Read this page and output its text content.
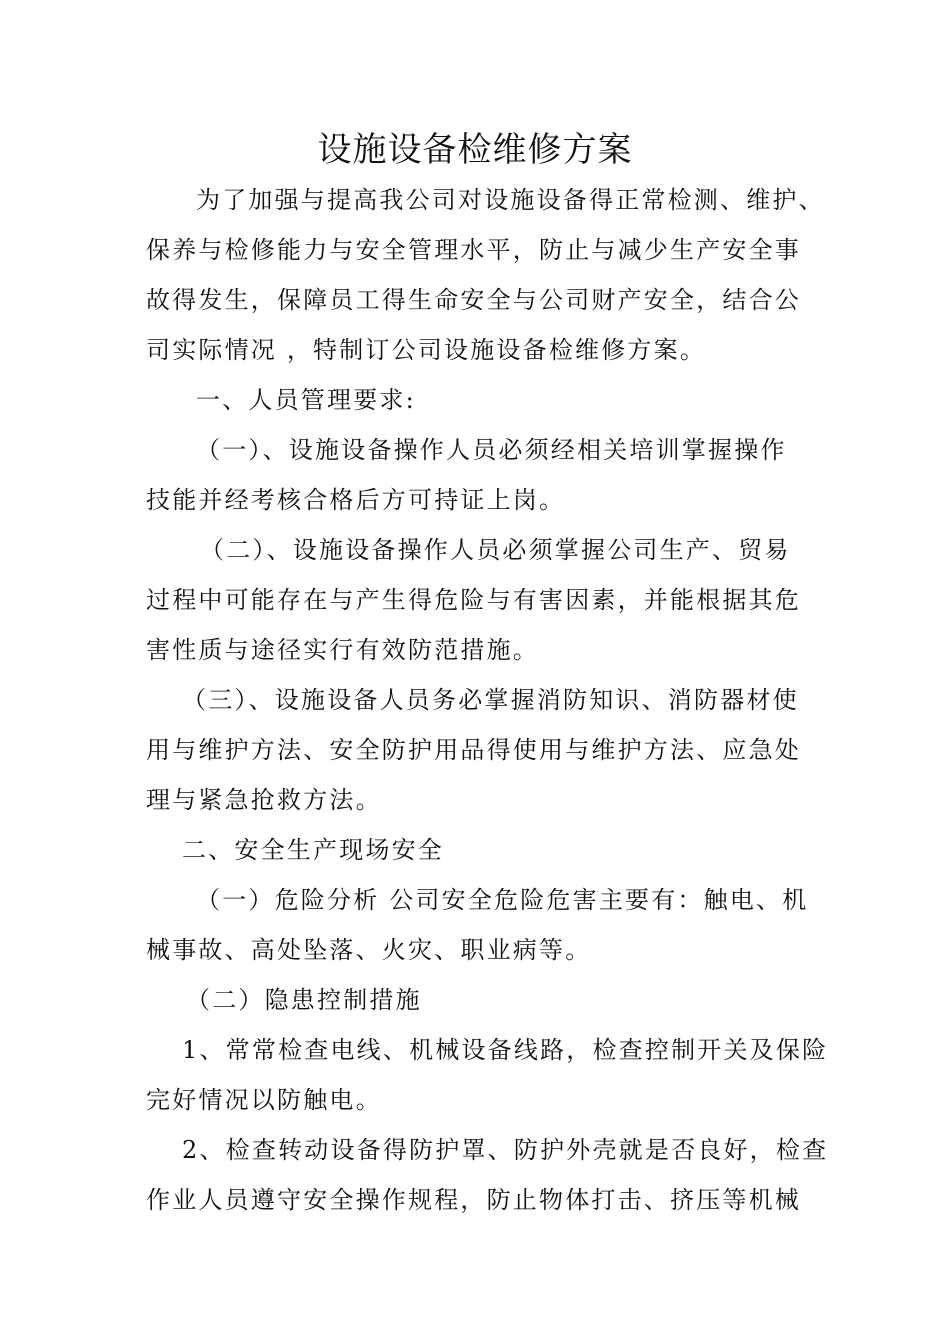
设施设备检维修方案
为了加强与提高我公司对设施设备得正常检测、维护、
保养与检修能力与安全管理水平，防止与减少生产安全事
故得发生，保障员工得生命安全与公司财产安全，结合公
司实际情况 ，特制订公司设施设备检维修方案。
一、人员管理要求:
（一）、设施设备操作人员必须经相关培训掌握操作
技能并经考核合格后方可持证上岗。
（二）、设施设备操作人员必须掌握公司生产、贸易
过程中可能存在与产生得危险与有害因素，并能根据其危
害性质与途径实行有效防范措施。
（三）、设施设备人员务必掌握消防知识、消防器材使
用与维护方法、安全防护用品得使用与维护方法、应急处
理与紧急抢救方法。
二、安全生产现场安全
（一）危险分析 公司安全危险危害主要有：触电、机
械事故、高处坠落、火灾、职业病等。
（二）隐患控制措施
1、常常检查电线、机械设备线路，检查控制开关及保险
完好情况以防触电。
2、检查转动设备得防护罩、防护外壳就是否良好，检查
作业人员遵守安全操作规程，防止物体打击、挤压等机械
